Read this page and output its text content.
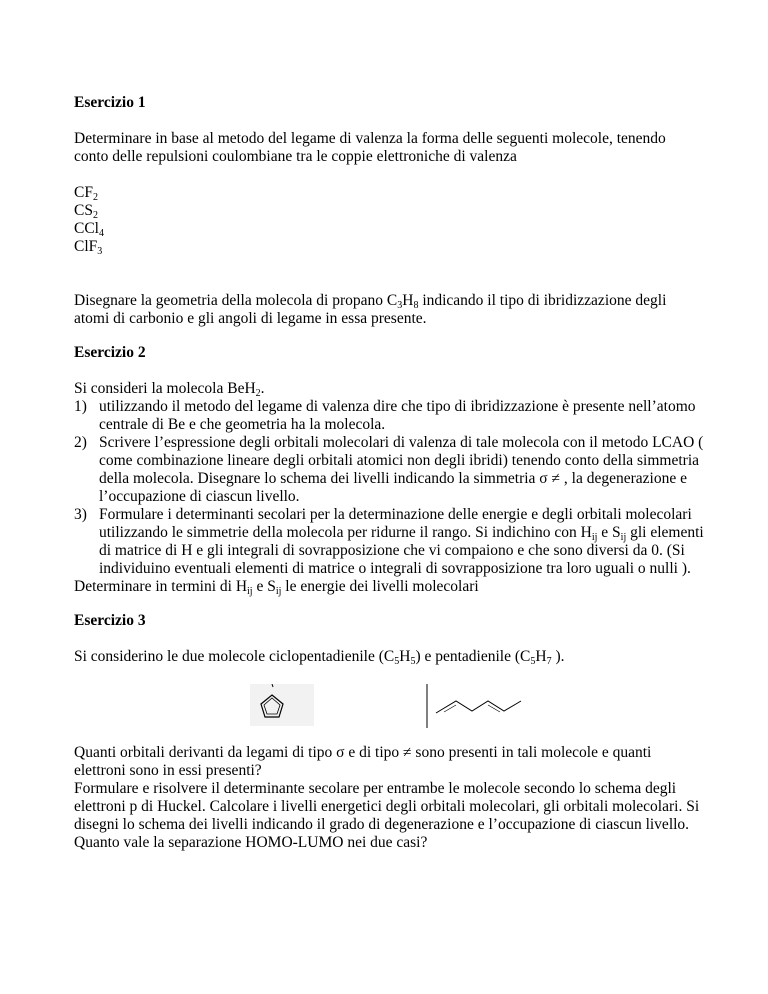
Esercizio 1

Determinare in base al metodo del legame di valenza la forma delle seguenti molecole, tenendo conto delle repulsioni coulombiane tra le coppie elettroniche di valenza

$CF_2$
$CS_2$
CCl$_4$
ClF$_3$

Disegnare la geometria della molecola di propano $C_3H_8$ indicando il tipo di ibridizzazione degli atomi di carbonio e gli angoli di legame in essa presente.

Esercizio 2

Si consideri la molecola BeH$_2$.

1) utilizzando il metodo del legame di valenza dire che tipo di ibridizzazione è presente nell’atomo centrale di Be e che geometria ha la molecola.
2) Scrivere l’espressione degli orbitali molecolari di valenza di tale molecola con il metodo LCAO ( come combinazione lineare degli orbitali atomici non degli ibridi) tenendo conto della simmetria della molecola. Disegnare lo schema dei livelli indicando la simmetria σ ≠ , la degenerazione e l’occupazione di ciascun livello.
3) Formulare i determinanti secolari per la determinazione delle energie e degli orbitali molecolari utilizzando le simmetrie della molecola per ridurne il rango. Si indichino con $H_{ij}$ e $S_{ij}$ gli elementi di matrice di H e gli integrali di sovrapposizione che vi compaiono e che sono diversi da 0. (Si individuino eventuali elementi di matrice o integrali di sovrapposizione tra loro uguali o nulli ).

Determinare in termini di $H_{ij}$ e $S_{ij}$ le energie dei livelli molecolari

Esercizio 3

Si considerino le due molecole ciclopentadienile $(C_5H_5)$ e pentadienile ($C_5H_7$ ).

Quanti orbitali derivanti da legami di tipo σ e di tipo ≠ sono presenti in tali molecole e quanti elettroni sono in essi presenti?

Formulare e risolvere il determinante secolare per entrambe le molecole secondo lo schema degli elettroni p di Huckel. Calcolare i livelli energetici degli orbitali molecolari, gli orbitali molecolari. Si disegni lo schema dei livelli indicando il grado di degenerazione e l’occupazione di ciascun livello. Quanto vale la separazione HOMO-LUMO nei due casi?
